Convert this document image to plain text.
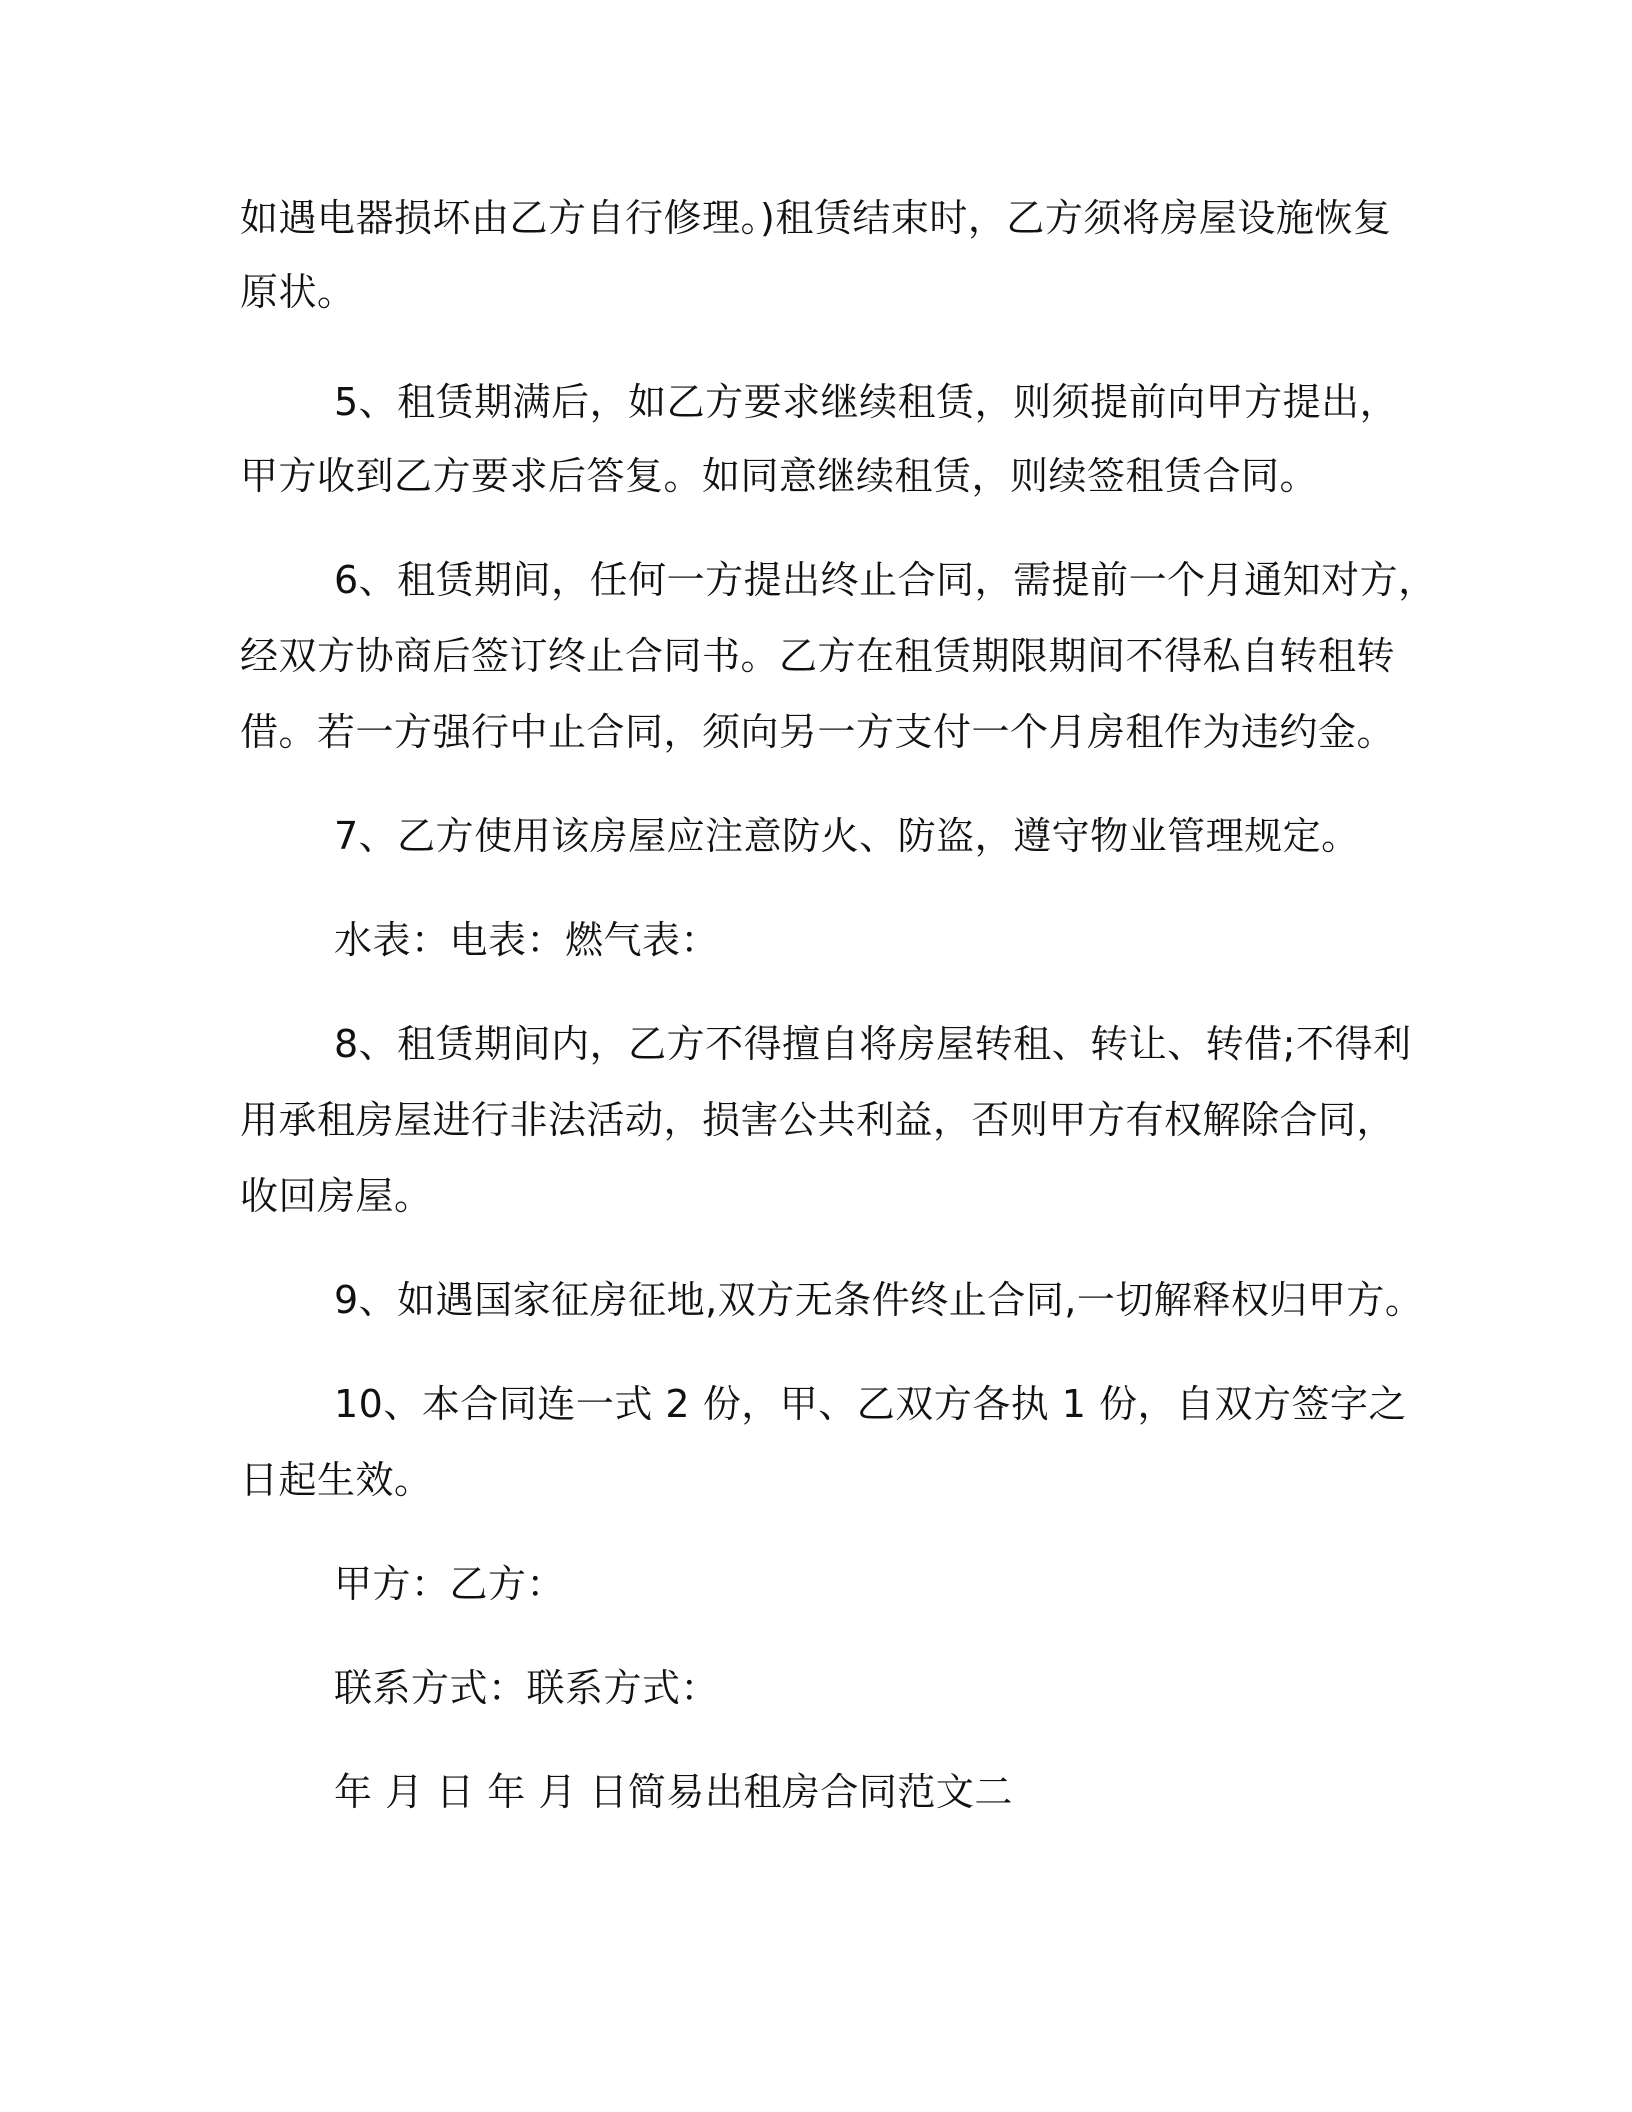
如遇电器损坏由乙方自行修理。)租赁结束时，乙方须将房屋设施恢复
原状。
5、租赁期满后，如乙方要求继续租赁，则须提前向甲方提出，
甲方收到乙方要求后答复。如同意继续租赁，则续签租赁合同。
6、租赁期间，任何一方提出终止合同，需提前一个月通知对方，
经双方协商后签订终止合同书。乙方在租赁期限期间不得私自转租转
借。若一方强行中止合同，须向另一方支付一个月房租作为违约金。
7、乙方使用该房屋应注意防火、防盗，遵守物业管理规定。
水表：电表：燃气表：
8、租赁期间内，乙方不得擅自将房屋转租、转让、转借;不得利
用承租房屋进行非法活动，损害公共利益，否则甲方有权解除合同，
收回房屋。
9、如遇国家征房征地,双方无条件终止合同,一切解释权归甲方。
10、本合同连一式 2 份，甲、乙双方各执 1 份，自双方签字之
日起生效。
甲方：乙方：
联系方式：联系方式：
年 月 日 年 月 日简易出租房合同范文二
